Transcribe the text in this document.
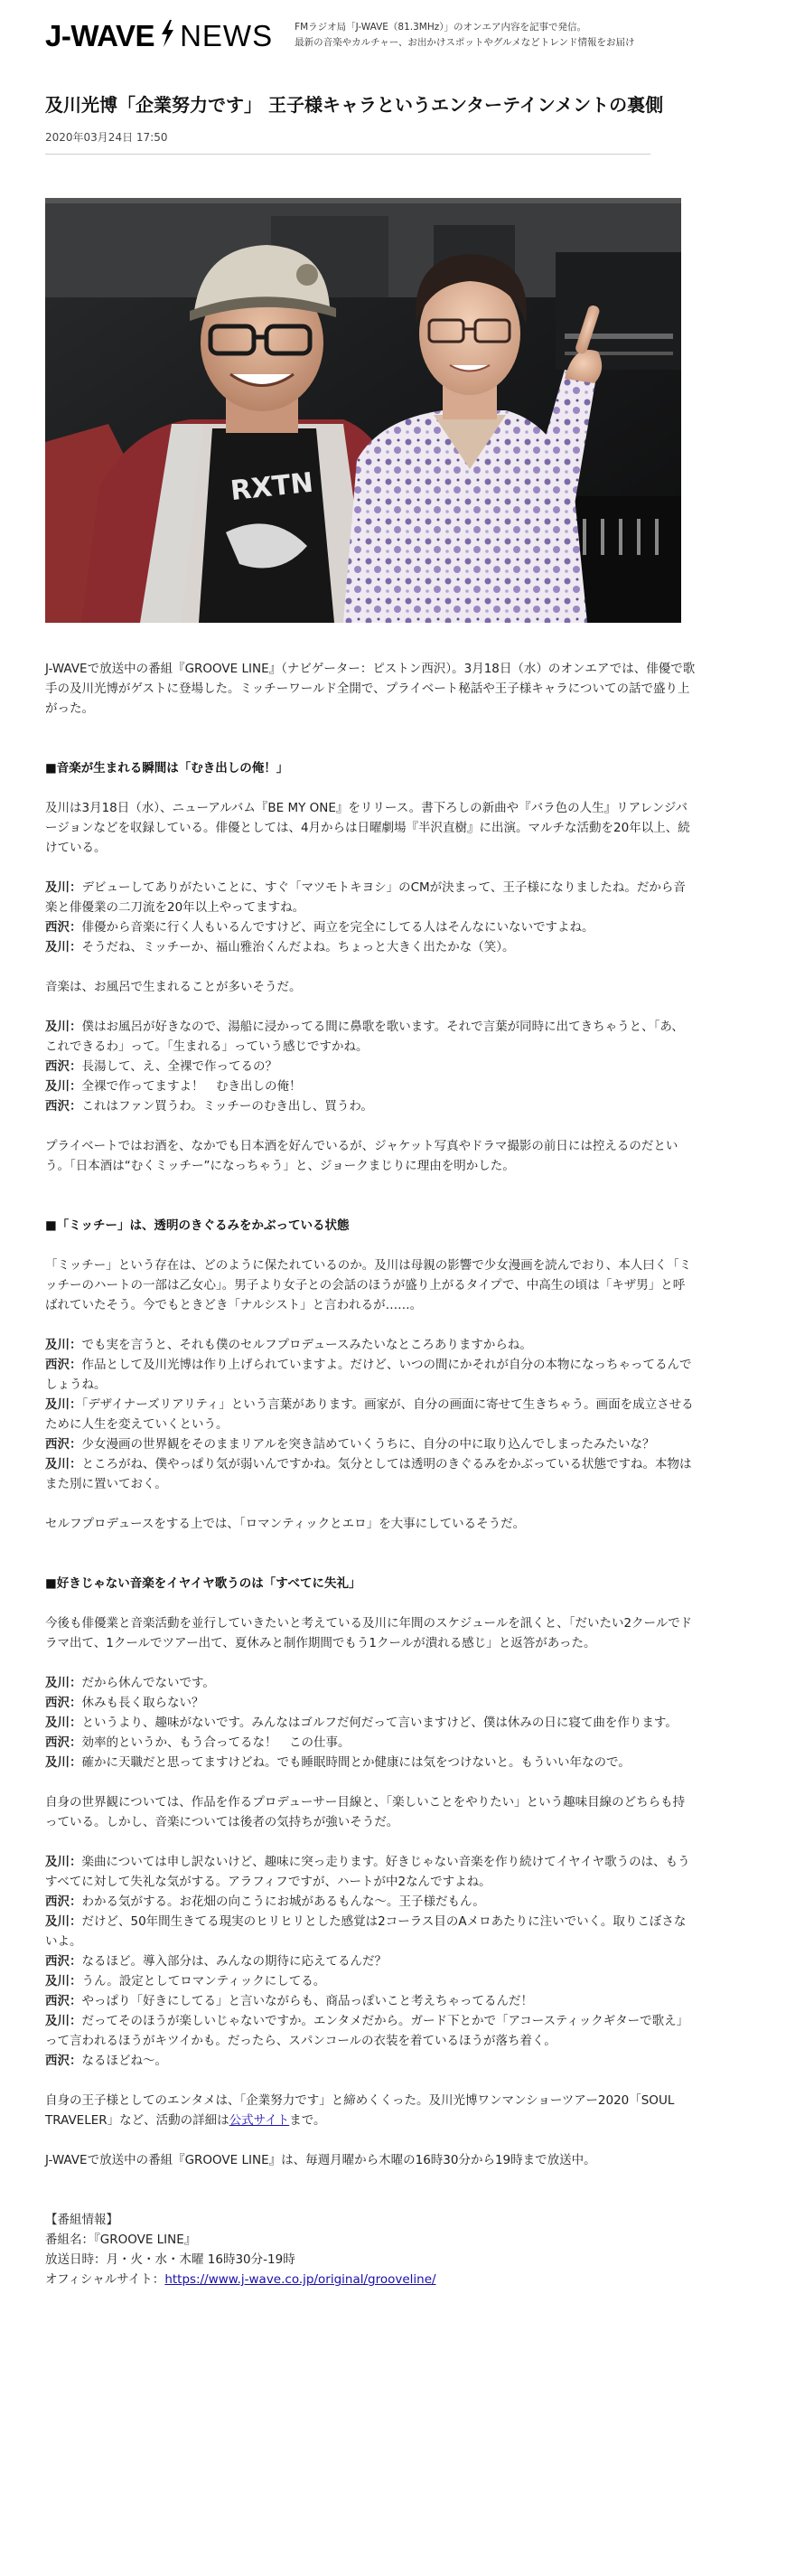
J-WAVE NEWS FMラジオ局「J-WAVE（81.3MHz）」のオンエア内容を記事で発信。
最新の音楽やカルチャー、お出かけスポットやグルメなどトレンド情報をお届け
及川光博「企業努力です」 王子様キャラというエンターテインメントの裏側
2020年03月24日 17:50
RXTN

J-WAVEで放送中の番組『GROOVE LINE』（ナビゲーター：ピストン西沢）。3月18日（水）のオンエアでは、俳優で歌手の及川光博がゲストに登場した。ミッチーワールド全開で、プライベート秘話や王子様キャラについての話で盛り上がった。

■音楽が生まれる瞬間は「むき出しの俺！」

及川は3月18日（水）、ニューアルバム『BE MY ONE』をリリース。書下ろしの新曲や『バラ色の人生』リアレンジバージョンなどを収録している。俳優としては、4月からは日曜劇場『半沢直樹』に出演。マルチな活動を20年以上、続けている。

及川：デビューしてありがたいことに、すぐ「マツモトキヨシ」のCMが決まって、王子様になりましたね。だから音楽と俳優業の二刀流を20年以上やってますね。
西沢：俳優から音楽に行く人もいるんですけど、両立を完全にしてる人はそんなにいないですよね。
及川：そうだね、ミッチーか、福山雅治くんだよね。ちょっと大きく出たかな（笑）。

音楽は、お風呂で生まれることが多いそうだ。

及川：僕はお風呂が好きなので、湯船に浸かってる間に鼻歌を歌います。それで言葉が同時に出てきちゃうと、「あ、これできるわ」って。「生まれる」っていう感じですかね。
西沢：長湯して、え、全裸で作ってるの？
及川：全裸で作ってますよ！　むき出しの俺！
西沢：これはファン買うわ。ミッチーのむき出し、買うわ。

プライベートではお酒を、なかでも日本酒を好んでいるが、ジャケット写真やドラマ撮影の前日には控えるのだという。「日本酒は“むくミッチー”になっちゃう」と、ジョークまじりに理由を明かした。

■「ミッチー」は、透明のきぐるみをかぶっている状態

「ミッチー」という存在は、どのように保たれているのか。及川は母親の影響で少女漫画を読んでおり、本人曰く「ミッチーのハートの一部は乙女心」。男子より女子との会話のほうが盛り上がるタイプで、中高生の頃は「キザ男」と呼ばれていたそう。今でもときどき「ナルシスト」と言われるが……。

及川：でも実を言うと、それも僕のセルフプロデュースみたいなところありますからね。
西沢：作品として及川光博は作り上げられていますよ。だけど、いつの間にかそれが自分の本物になっちゃってるんでしょうね。
及川：「デザイナーズリアリティ」という言葉があります。画家が、自分の画面に寄せて生きちゃう。画面を成立させるために人生を変えていくという。
西沢：少女漫画の世界観をそのままリアルを突き詰めていくうちに、自分の中に取り込んでしまったみたいな？
及川：ところがね、僕やっぱり気が弱いんですかね。気分としては透明のきぐるみをかぶっている状態ですね。本物はまた別に置いておく。

セルフプロデュースをする上では、「ロマンティックとエロ」を大事にしているそうだ。

■好きじゃない音楽をイヤイヤ歌うのは「すべてに失礼」

今後も俳優業と音楽活動を並行していきたいと考えている及川に年間のスケジュールを訊くと、「だいたい2クールでドラマ出て、1クールでツアー出て、夏休みと制作期間でもう1クールが潰れる感じ」と返答があった。

及川：だから休んでないです。
西沢：休みも長く取らない？
及川：というより、趣味がないです。みんなはゴルフだ何だって言いますけど、僕は休みの日に寝て曲を作ります。
西沢：効率的というか、もう合ってるな！　この仕事。
及川：確かに天職だと思ってますけどね。でも睡眠時間とか健康には気をつけないと。もういい年なので。

自身の世界観については、作品を作るプロデューサー目線と、「楽しいことをやりたい」という趣味目線のどちらも持っている。しかし、音楽については後者の気持ちが強いそうだ。

及川：楽曲については申し訳ないけど、趣味に突っ走ります。好きじゃない音楽を作り続けてイヤイヤ歌うのは、もうすべてに対して失礼な気がする。アラフィフですが、ハートが中2なんですよね。
西沢：わかる気がする。お花畑の向こうにお城があるもんな～。王子様だもん。
及川：だけど、50年間生きてる現実のヒリヒリとした感覚は2コーラス目のAメロあたりに注いでいく。取りこぼさないよ。
西沢：なるほど。導入部分は、みんなの期待に応えてるんだ？
及川：うん。設定としてロマンティックにしてる。
西沢：やっぱり「好きにしてる」と言いながらも、商品っぽいこと考えちゃってるんだ！
及川：だってそのほうが楽しいじゃないですか。エンタメだから。ガード下とかで「アコースティックギターで歌え」って言われるほうがキツイかも。だったら、スパンコールの衣装を着ているほうが落ち着く。
西沢：なるほどね～。

自身の王子様としてのエンタメは、「企業努力です」と締めくくった。及川光博ワンマンショーツアー2020「SOUL TRAVELER」など、活動の詳細は公式サイトまで。

J-WAVEで放送中の番組『GROOVE LINE』は、毎週月曜から木曜の16時30分から19時まで放送中。

【番組情報】
番組名：『GROOVE LINE』
放送日時：月・火・水・木曜 16時30分-19時
オフィシャルサイト：https://www.j-wave.co.jp/original/grooveline/
